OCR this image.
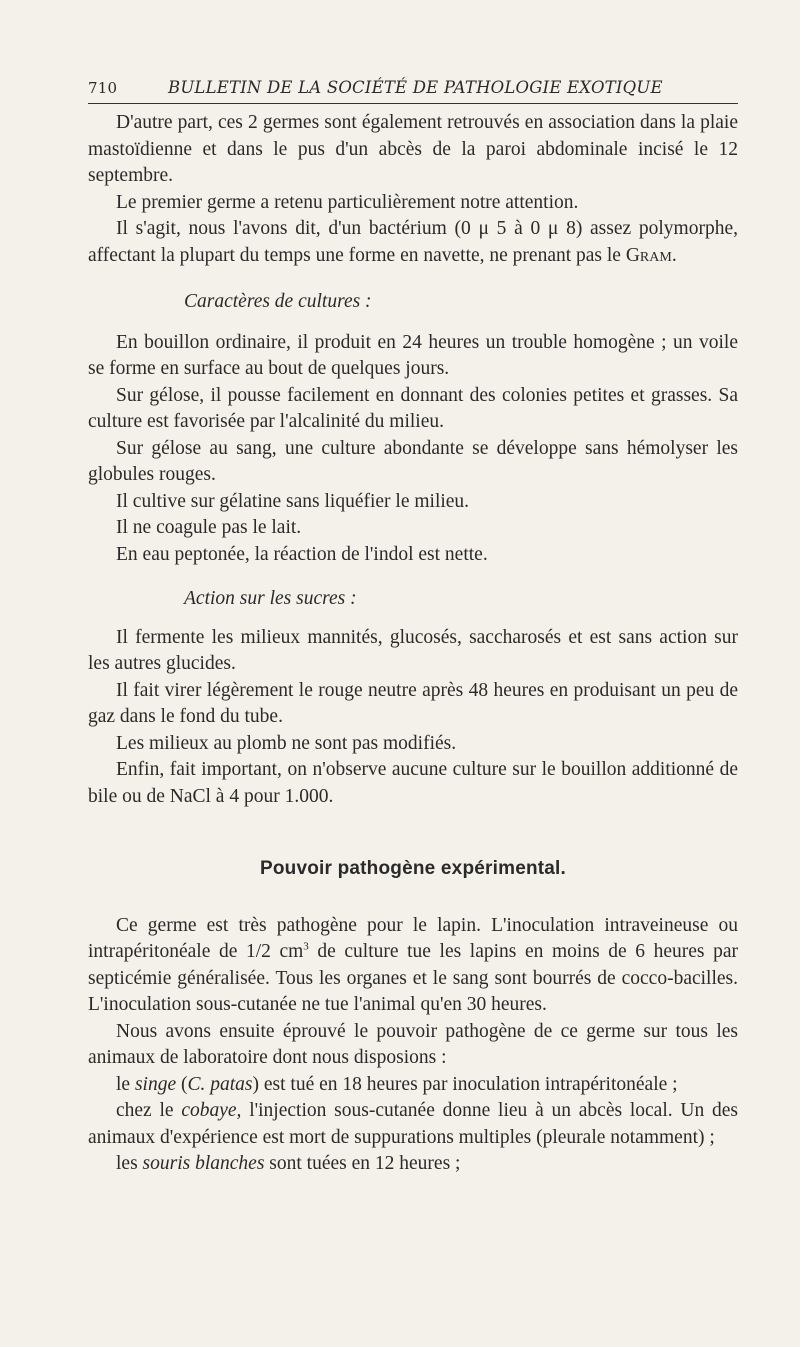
710	BULLETIN DE LA SOCIÉTÉ DE PATHOLOGIE EXOTIQUE

D'autre part, ces 2 germes sont également retrouvés en association dans la plaie mastoïdienne et dans le pus d'un abcès de la paroi abdominale incisé le 12 septembre.

Le premier germe a retenu particulièrement notre attention.

Il s'agit, nous l'avons dit, d'un bactérium (0 μ 5 à 0 μ 8) assez polymorphe, affectant la plupart du temps une forme en navette, ne prenant pas le Gram.

Caractères de cultures :

En bouillon ordinaire, il produit en 24 heures un trouble homogène ; un voile se forme en surface au bout de quelques jours.

Sur gélose, il pousse facilement en donnant des colonies petites et grasses. Sa culture est favorisée par l'alcalinité du milieu.

Sur gélose au sang, une culture abondante se développe sans hémolyser les globules rouges.

Il cultive sur gélatine sans liquéfier le milieu.

Il ne coagule pas le lait.

En eau peptonée, la réaction de l'indol est nette.

Action sur les sucres :

Il fermente les milieux mannités, glucosés, saccharosés et est sans action sur les autres glucides.

Il fait virer légèrement le rouge neutre après 48 heures en produisant un peu de gaz dans le fond du tube.

Les milieux au plomb ne sont pas modifiés.

Enfin, fait important, on n'observe aucune culture sur le bouillon additionné de bile ou de NaCl à 4 pour 1.000.

Pouvoir pathogène expérimental.

Ce germe est très pathogène pour le lapin. L'inoculation intraveineuse ou intrapéritonéale de 1/2 $cm^3$ de culture tue les lapins en moins de 6 heures par septicémie généralisée. Tous les organes et le sang sont bourrés de cocco-bacilles. L'inoculation sous-cutanée ne tue l'animal qu'en 30 heures.

Nous avons ensuite éprouvé le pouvoir pathogène de ce germe sur tous les animaux de laboratoire dont nous disposions :

le singe (C. patas) est tué en 18 heures par inoculation intrapéritonéale ;

chez le cobaye, l'injection sous-cutanée donne lieu à un abcès local. Un des animaux d'expérience est mort de suppurations multiples (pleurale notamment) ;

les souris blanches sont tuées en 12 heures ;
